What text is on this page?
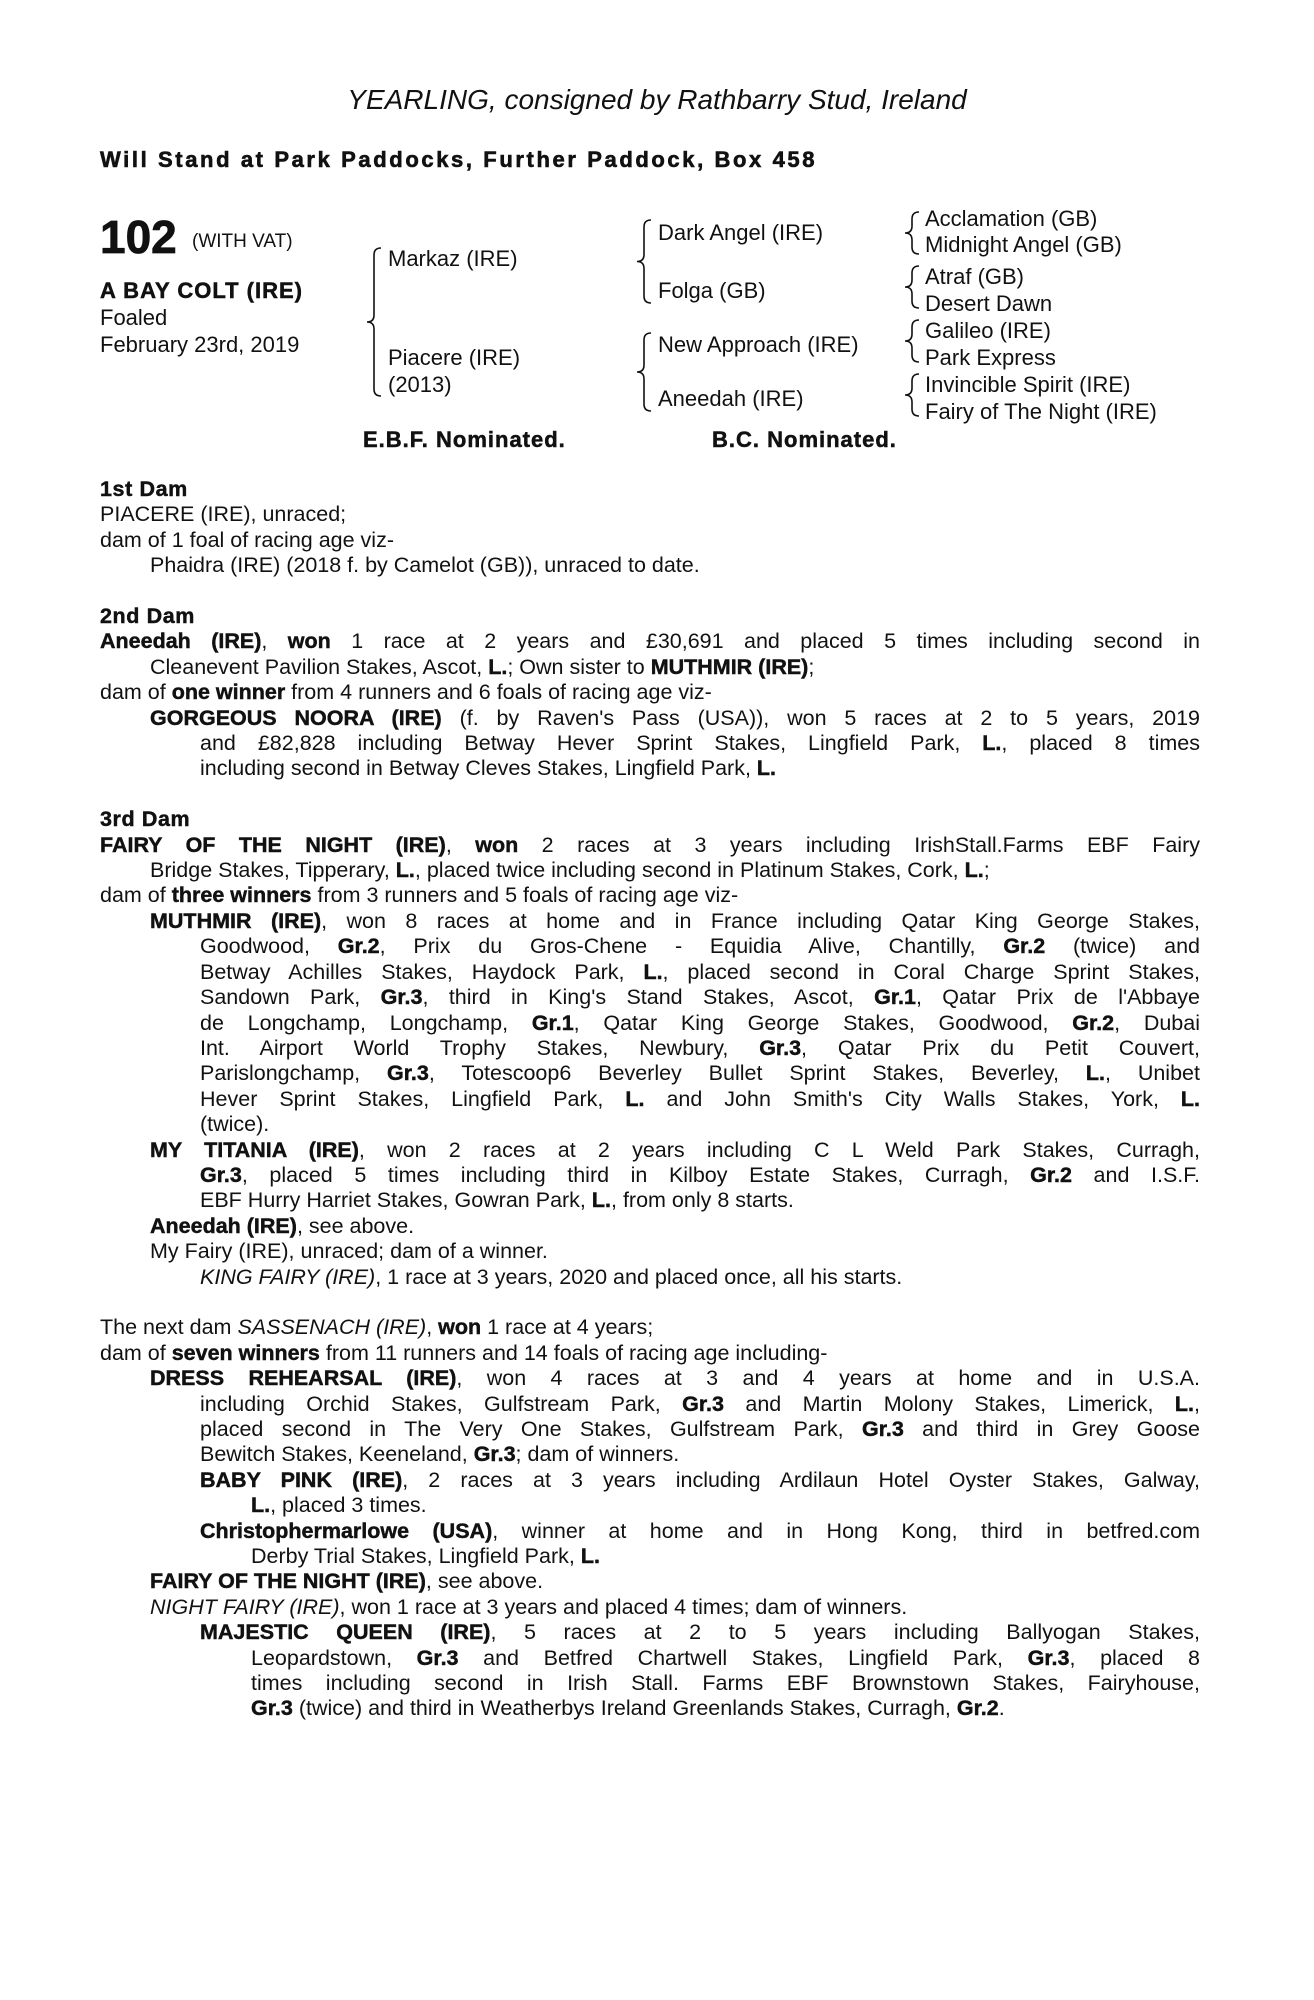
YEARLING, consigned by Rathbarry Stud, Ireland
Will Stand at Park Paddocks, Further Paddock, Box 458
102 (WITH VAT)
A BAY COLT (IRE)
Foaled
February 23rd, 2019
Markaz (IRE)
Piacere (IRE)
(2013)
Dark Angel (IRE)
Folga (GB)
New Approach (IRE)
Aneedah (IRE)
Acclamation (GB)
Midnight Angel (GB)
Atraf (GB)
Desert Dawn
Galileo (IRE)
Park Express
Invincible Spirit (IRE)
Fairy of The Night (IRE)
E.B.F. Nominated.	B.C. Nominated.
1st Dam
PIACERE (IRE), unraced;
dam of 1 foal of racing age viz-
Phaidra (IRE) (2018 f. by Camelot (GB)), unraced to date.
2nd Dam
Aneedah (IRE), won 1 race at 2 years and £30,691 and placed 5 times including second in
Cleanevent Pavilion Stakes, Ascot, L.; Own sister to MUTHMIR (IRE);
dam of one winner from 4 runners and 6 foals of racing age viz-
GORGEOUS NOORA (IRE) (f. by Raven's Pass (USA)), won 5 races at 2 to 5 years, 2019
and £82,828 including Betway Hever Sprint Stakes, Lingfield Park, L., placed 8 times
including second in Betway Cleves Stakes, Lingfield Park, L.
3rd Dam
FAIRY OF THE NIGHT (IRE), won 2 races at 3 years including IrishStall.Farms EBF Fairy
Bridge Stakes, Tipperary, L., placed twice including second in Platinum Stakes, Cork, L.;
dam of three winners from 3 runners and 5 foals of racing age viz-
MUTHMIR (IRE), won 8 races at home and in France including Qatar King George Stakes,
Goodwood, Gr.2, Prix du Gros-Chene - Equidia Alive, Chantilly, Gr.2 (twice) and
Betway Achilles Stakes, Haydock Park, L., placed second in Coral Charge Sprint Stakes,
Sandown Park, Gr.3, third in King's Stand Stakes, Ascot, Gr.1, Qatar Prix de l'Abbaye
de Longchamp, Longchamp, Gr.1, Qatar King George Stakes, Goodwood, Gr.2, Dubai
Int. Airport World Trophy Stakes, Newbury, Gr.3, Qatar Prix du Petit Couvert,
Parislongchamp, Gr.3, Totescoop6 Beverley Bullet Sprint Stakes, Beverley, L., Unibet
Hever Sprint Stakes, Lingfield Park, L. and John Smith's City Walls Stakes, York, L.
(twice).
MY TITANIA (IRE), won 2 races at 2 years including C L Weld Park Stakes, Curragh,
Gr.3, placed 5 times including third in Kilboy Estate Stakes, Curragh, Gr.2 and I.S.F.
EBF Hurry Harriet Stakes, Gowran Park, L., from only 8 starts.
Aneedah (IRE), see above.
My Fairy (IRE), unraced; dam of a winner.
KING FAIRY (IRE), 1 race at 3 years, 2020 and placed once, all his starts.
The next dam SASSENACH (IRE), won 1 race at 4 years;
dam of seven winners from 11 runners and 14 foals of racing age including-
DRESS REHEARSAL (IRE), won 4 races at 3 and 4 years at home and in U.S.A.
including Orchid Stakes, Gulfstream Park, Gr.3 and Martin Molony Stakes, Limerick, L.,
placed second in The Very One Stakes, Gulfstream Park, Gr.3 and third in Grey Goose
Bewitch Stakes, Keeneland, Gr.3; dam of winners.
BABY PINK (IRE), 2 races at 3 years including Ardilaun Hotel Oyster Stakes, Galway,
L., placed 3 times.
Christophermarlowe (USA), winner at home and in Hong Kong, third in betfred.com
Derby Trial Stakes, Lingfield Park, L.
FAIRY OF THE NIGHT (IRE), see above.
NIGHT FAIRY (IRE), won 1 race at 3 years and placed 4 times; dam of winners.
MAJESTIC QUEEN (IRE), 5 races at 2 to 5 years including Ballyogan Stakes,
Leopardstown, Gr.3 and Betfred Chartwell Stakes, Lingfield Park, Gr.3, placed 8
times including second in Irish Stall. Farms EBF Brownstown Stakes, Fairyhouse,
Gr.3 (twice) and third in Weatherbys Ireland Greenlands Stakes, Curragh, Gr.2.
